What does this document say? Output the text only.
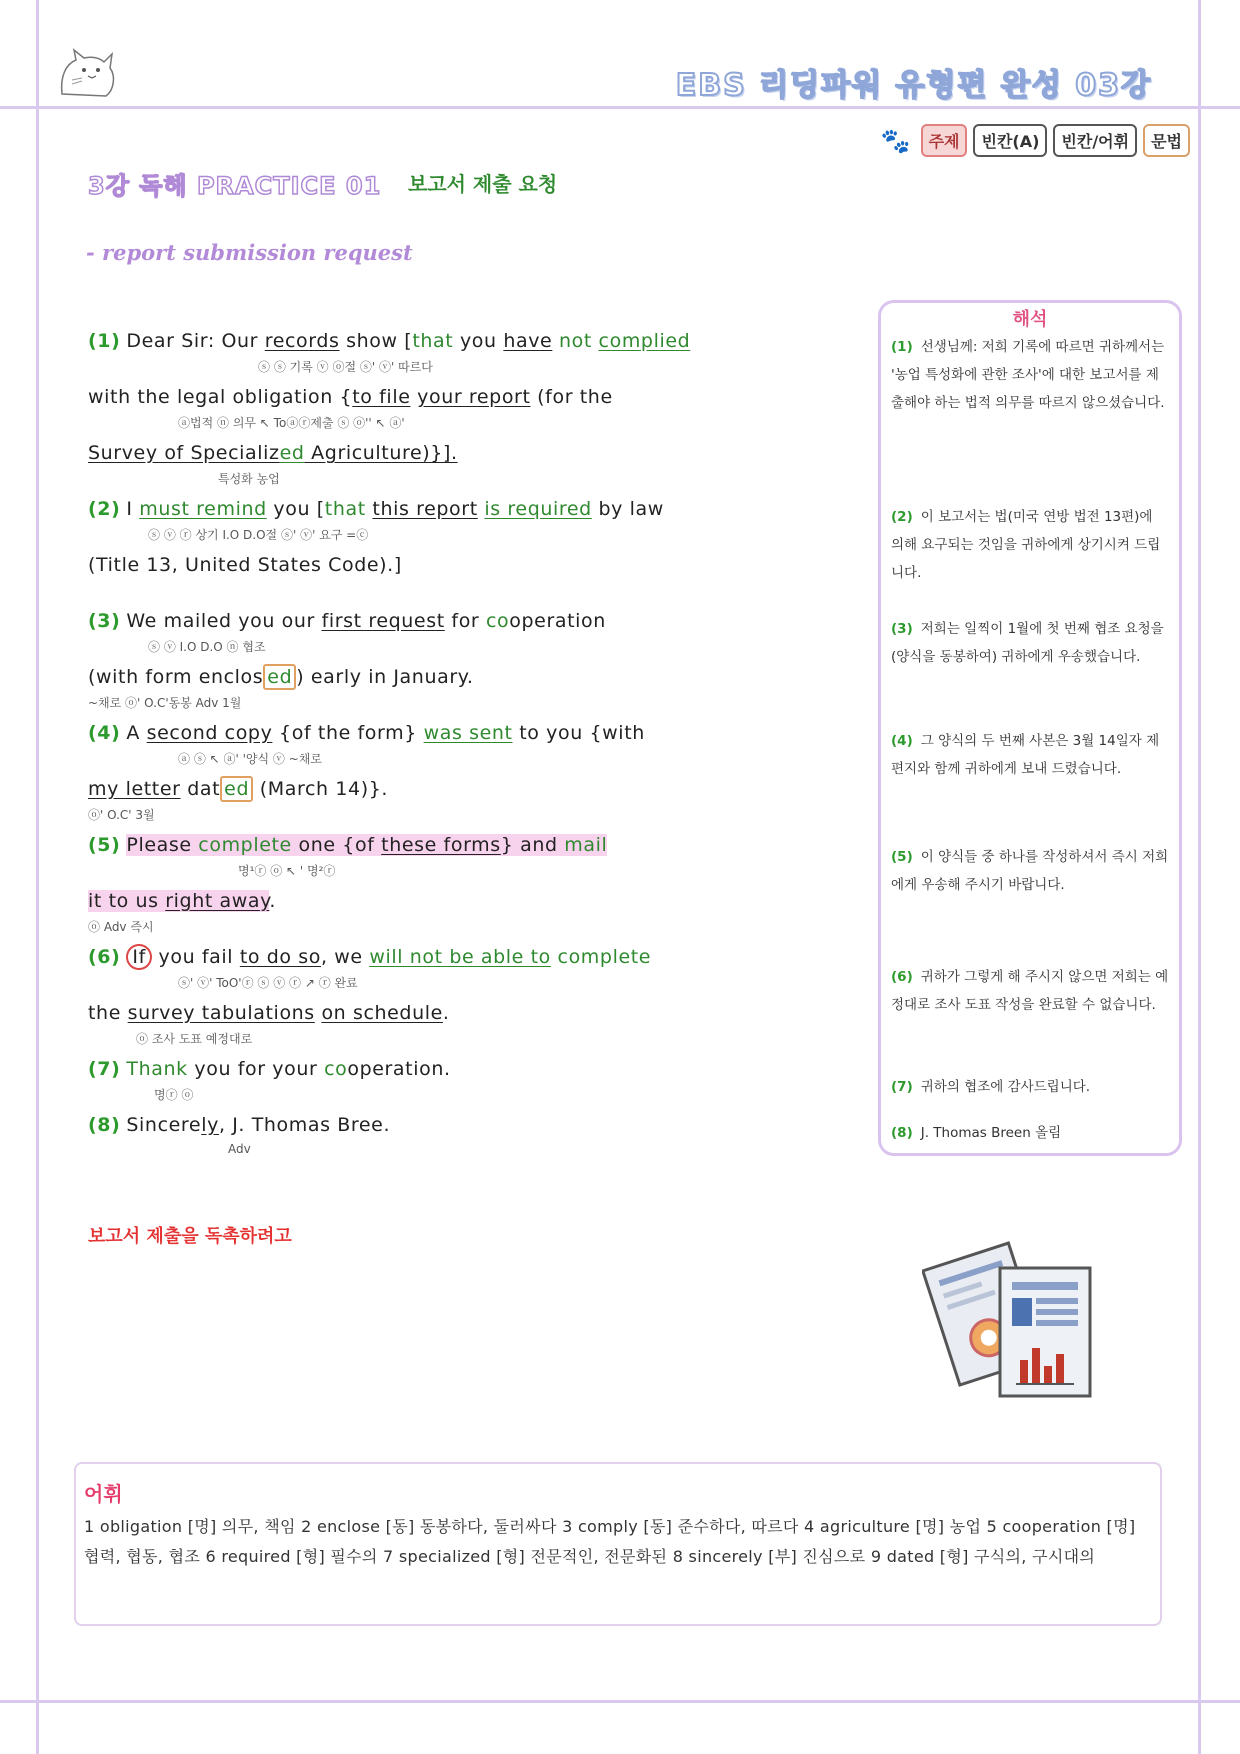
EBS 리딩파워 유형편 완성 03강
🐾	주제	빈칸(A)	빈칸/어휘	문법
3강 독해 PRACTICE 01 보고서 제출 요청
- report submission request
(1) Dear Sir: Our records show [that you have not complied
ⓢ ⓢ 기록 ⓥ ⓞ절 ⓢ' ⓥ' 따르다
with the legal obligation {to file your report (for the
ⓐ법적 ⓝ 의무 ↖ Toⓐⓡ제출 ⓢ ⓞ'' ↖ ⓐ'
Survey of Specialized Agriculture)}].
특성화 농업
(2) I must remind you [that this report is required by law
ⓢ ⓥ ⓡ 상기 I.O D.O절 ⓢ' ⓥ' 요구 =ⓒ
(Title 13, United States Code).]
(3) We mailed you our first request for cooperation
ⓢ ⓥ I.O D.O ⓝ 협조
(with form enclos ed ) early in January.
~채로 ⓞ' O.C'동봉 Adv 1월
(4) A second copy {of the form} was sent to you {with
ⓐ ⓢ ↖ ⓐ' '양식 ⓥ ~채로
my letter dat ed (March 14)}.
ⓞ' O.C' 3월
(5) Please complete one {of these forms} and mail
명¹ⓡ ⓞ ↖ ' 명²ⓡ
it to us right away.
ⓞ Adv 즉시
(6) If you fail to do so, we will not be able to complete
ⓢ' ⓥ' ToO'ⓡ ⓢ ⓥ ⓡ ↗ ⓡ 완료
the survey tabulations on schedule.
ⓞ 조사 도표 예정대로
(7) Thank you for your cooperation.
명ⓡ ⓞ
(8) Sincerely, J. Thomas Bree.
Adv
해석
(1) 선생님께: 저희 기록에 따르면 귀하께서는 '농업 특성화에 관한 조사'에 대한 보고서를 제출해야 하는 법적 의무를 따르지 않으셨습니다.
(2) 이 보고서는 법(미국 연방 법전 13편)에 의해 요구되는 것임을 귀하에게 상기시켜 드립니다.
(3) 저희는 일찍이 1월에 첫 번째 협조 요청을 (양식을 동봉하여) 귀하에게 우송했습니다.
(4) 그 양식의 두 번째 사본은 3월 14일자 제 편지와 함께 귀하에게 보내 드렸습니다.
(5) 이 양식들 중 하나를 작성하셔서 즉시 저희에게 우송해 주시기 바랍니다.
(6) 귀하가 그렇게 해 주시지 않으면 저희는 예정대로 조사 도표 작성을 완료할 수 없습니다.
(7) 귀하의 협조에 감사드립니다.
(8) J. Thomas Breen 올림
보고서 제출을 독촉하려고
어휘
1 obligation [명] 의무, 책임 2 enclose [동] 동봉하다, 둘러싸다 3 comply [동] 준수하다, 따르다 4 agriculture [명] 농업 5 cooperation [명] 협력, 협동, 협조 6 required [형] 필수의 7 specialized [형] 전문적인, 전문화된 8 sincerely [부] 진심으로 9 dated [형] 구식의, 구시대의
